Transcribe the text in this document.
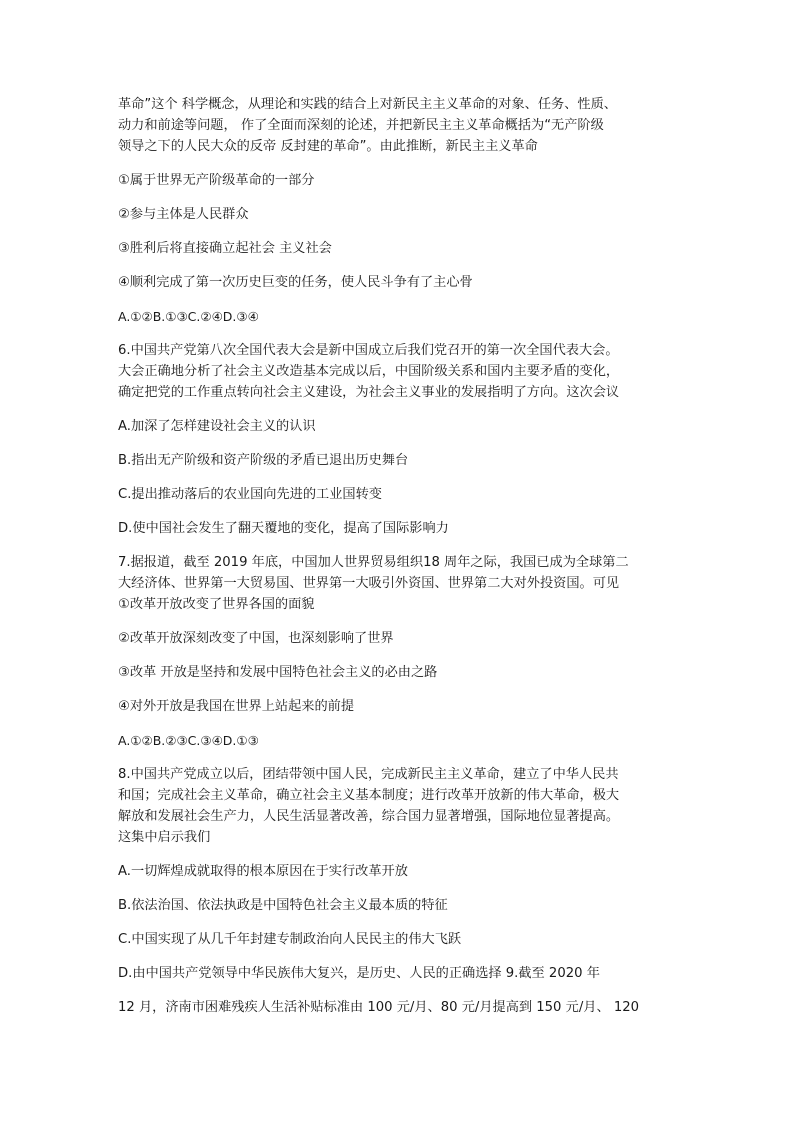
革命”这个 科学概念，从理论和实践的结合上对新民主主义革命的对象、任务、性质、
动力和前途等问题， 作了全面而深刻的论述，并把新民主主义革命概括为“无产阶级
领导之下的人民大众的反帝 反封建的革命”。由此推断，新民主主义革命
①属于世界无产阶级革命的一部分
②参与主体是人民群众
③胜利后将直接确立起社会 主义社会
④顺利完成了第一次历史巨变的任务，使人民斗争有了主心骨
A.①②B.①③C.②④D.③④
6.中国共产党第八次全国代表大会是新中国成立后我们党召开的第一次全国代表大会。
大会正确地分析了社会主义改造基本完成以后，中国阶级关系和国内主要矛盾的变化，
确定把党的工作重点转向社会主义建设，为社会主义事业的发展指明了方向。这次会议
A.加深了怎样建设社会主义的认识
B.指出无产阶级和资产阶级的矛盾已退出历史舞台
C.提出推动落后的农业国向先进的工业国转变
D.使中国社会发生了翻天覆地的变化，提高了国际影响力
7.据报道，截至 2019 年底，中国加人世界贸易组织18 周年之际，我国已成为全球第二
大经济体、世界第一大贸易国、世界第一大吸引外资国、世界第二大对外投资国。可见
①改革开放改变了世界各国的面貌
②改革开放深刻改变了中国，也深刻影响了世界
③改革 开放是坚持和发展中国特色社会主义的必由之路
④对外开放是我国在世界上站起来的前提
A.①②B.②③C.③④D.①③
8.中国共产党成立以后，团结带领中国人民，完成新民主主义革命，建立了中华人民共
和国；完成社会主义革命，确立社会主义基本制度；进行改革开放新的伟大革命，极大
解放和发展社会生产力，人民生活显著改善，综合国力显著增强，国际地位显著提高。
这集中启示我们
A.一切辉煌成就取得的根本原因在于实行改革开放
B.依法治国、依法执政是中国特色社会主义最本质的特征
C.中国实现了从几千年封建专制政治向人民民主的伟大飞跃
D.由中国共产党领导中华民族伟大复兴，是历史、人民的正确选择 9.截至 2020 年
12 月，济南市困难残疾人生活补贴标准由 100 元/月、80 元/月提高到 150 元/月、 120
